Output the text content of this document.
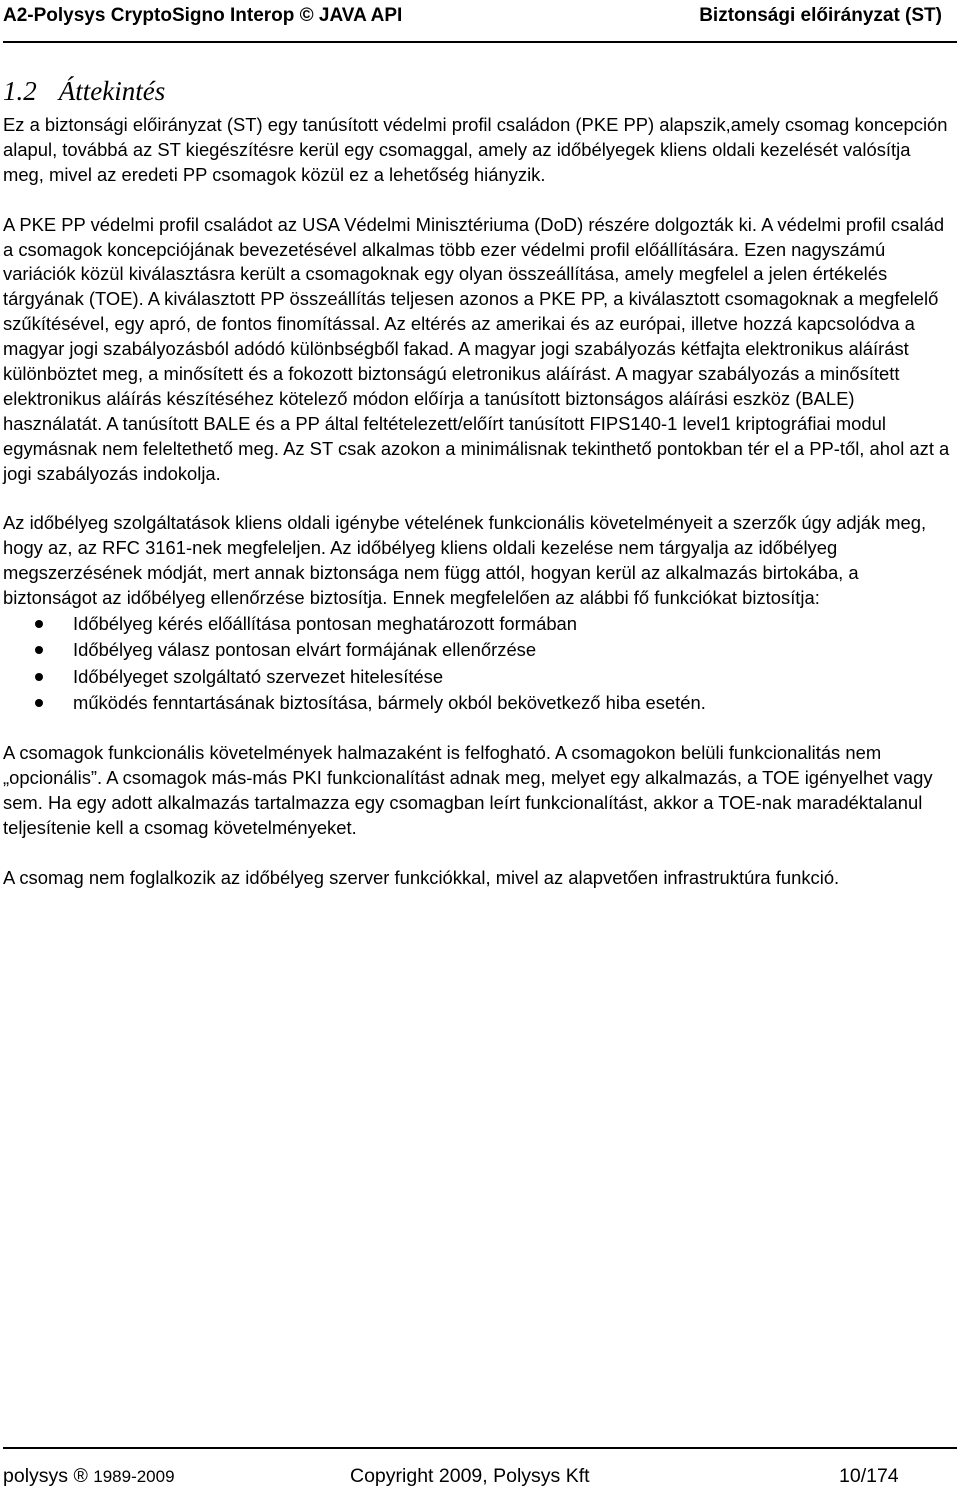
A2-Polysys CryptoSigno Interop © JAVA API	Biztonsági előirányzat (ST)
1.2 Áttekintés

Ez a biztonsági előirányzat (ST) egy tanúsított védelmi profil családon (PKE PP) alapszik,amely csomag koncepción alapul, továbbá az ST kiegészítésre kerül egy csomaggal, amely az időbélyegek kliens oldali kezelését valósítja meg, mivel az eredeti PP csomagok közül ez a lehetőség hiányzik.

A PKE PP védelmi profil családot az USA Védelmi Minisztériuma (DoD) részére dolgozták ki. A védelmi profil család a csomagok koncepciójának bevezetésével alkalmas több ezer védelmi profil előállítására. Ezen nagyszámú variációk közül kiválasztásra került a csomagoknak egy olyan összeállítása, amely megfelel a jelen értékelés tárgyának (TOE). A kiválasztott PP összeállítás teljesen azonos a PKE PP, a kiválasztott csomagoknak a megfelelő szűkítésével, egy apró, de fontos finomítással. Az eltérés az amerikai és az európai, illetve hozzá kapcsolódva a magyar jogi szabályozásból adódó különbségből fakad. A magyar jogi szabályozás kétfajta elektronikus aláírást különböztet meg, a minősített és a fokozott biztonságú eletronikus aláírást. A magyar szabályozás a minősített elektronikus aláírás készítéséhez kötelező módon előírja a tanúsított biztonságos aláírási eszköz (BALE) használatát. A tanúsított BALE és a PP által feltételezett/előírt tanúsított FIPS140-1 level1 kriptográfiai modul egymásnak nem feleltethető meg. Az ST csak azokon a minimálisnak tekinthető pontokban tér el a PP-től, ahol azt a jogi szabályozás indokolja.

Az időbélyeg szolgáltatások kliens oldali igénybe vételének funkcionális követelményeit a szerzők úgy adják meg, hogy az, az RFC 3161-nek megfeleljen. Az időbélyeg kliens oldali kezelése nem tárgyalja az időbélyeg megszerzésének módját, mert annak biztonsága nem függ attól, hogyan kerül az alkalmazás birtokába, a biztonságot az időbélyeg ellenőrzése biztosítja. Ennek megfelelően az alábbi fő funkciókat biztosítja:

Időbélyeg kérés előállítása pontosan meghatározott formában
Időbélyeg válasz pontosan elvárt formájának ellenőrzése
Időbélyeget szolgáltató szervezet hitelesítése
működés fenntartásának biztosítása, bármely okból bekövetkező hiba esetén.

A csomagok funkcionális követelmények halmazaként is felfogható. A csomagokon belüli funkcionalitás nem „opcionális”. A csomagok más-más PKI funkcionalítást adnak meg, melyet egy alkalmazás, a TOE igényelhet vagy sem. Ha egy adott alkalmazás tartalmazza egy csomagban leírt funkcionalítást, akkor a TOE-nak maradéktalanul teljesítenie kell a csomag követelményeket.

A csomag nem foglalkozik az időbélyeg szerver funkciókkal, mivel az alapvetően infrastruktúra funkció.

polysys ® 1989-2009	Copyright 2009, Polysys Kft	10/174
